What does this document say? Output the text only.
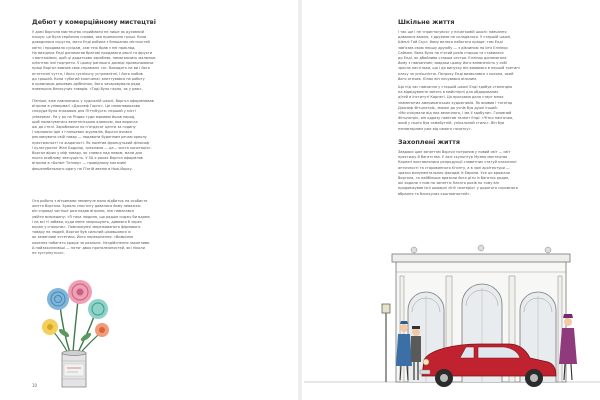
Дебют у комерційному мистецтві

У домі Воргола мистецтво сприймали не лише як духовний
пошук: це була серйозна справа, яка приносила гроші. Коли
доводилося скрутно, мати Енді робила з бляшаних місткостей
квіти і продавала сусідам, сам теж брав з неї приклад.
На вихідних Енді допомагав братові продавати овочі та фрукти
з вантажівки, щоб ці додатково заробляв, намагаючись малюнки
клієнтам їхні портрети. У цьому раннього досвіді призвичаюючи
праці Воргол вивчив своє справжнє «я». Виходить на ви і його
естетичні чуття, і його суспільну устремлінні, і його любов
до грошей. Коли «убогий хлопчина» впиттувався на роботу
в крамницю дешевих дрібничок, його зачаровували ряди
новеньких блискучих товарів. «Тоді було гарно, як у раю».

Пізніше, вже навчаючись у художній школі, Воргол оформлював
вітрини в універмагі «Джозеф Горнс». Це семиповерхова
споруда була знаковою для Піттсбурга: перший у місті
універмаг. Ри у рк на Різдво туди юрмами йшов народ,
щоб помилуватися велетенською ялинкою, яка виросла
аж до стелі. Заробляючи по п'ятдесят центи за годину
і черпаючи ідеї з глянцевих журналів, Воргол вчився
реклaмувати свій товар — надавати буденним речам ореолу
престижності та жаданості. Як помітив французький філософ
і культуролог Жан Бодріяр, «реклама — це… чиста конотація».
Воргол віриv у міф товару, як сливка над пивом, мали для
нього особливу значущість. У 50-х роках Воргол оформляв
вітрини в «Бонвіт Теллер» — провідному магазині
фешенебельного одягу на П'ятій авеню в Нью-Йорку.

Ота робота з вітринами неминуче мала відбиток на особисте
життя Воргола. Бувало спостигу давалося йому неважко:
він справді частіше розглядав вітрини, ніж намагався
увійти всередину: «Я така людина, що радше сиджу би вдома
і на всі ті забави, куди мене запрошують, дивився б через
екран у спальню». Помножуючі мережаваного фірмового
товару на людей, Воргол був сильний цікавшимся їх
як заманливі естетики. Його переконання: «Вимріяне
кохання набагато краще за реальне. Нездійснення захопливе.
А найзахопливіші — потяг двох протилежностей, які ніколи
не зустрінуться».

10
Шкільне життя

І так ще і не «пристосувся» у початковій школі: навчання
давалося важко, з друзями не складалося. У старшій школі,
Шенлі Гай Скул, йому велося набагато краще: там Енді
зав'язав свою першу дружбу — з дівчиною на ім'я Еллінор
Саймон. Вона була на п'ятий років старша та ставилася
до Енді, як дбайлива старша сестра. Еллінор допомагала
йому з навчанням; завдяки цьому його впевненість у собі
зросла настільки, що і до випуску він виявився в першій третині
класу за успішністю. Потроху Енді визволявся з кокона, який
його оточив. Юнак він почувався вільним.

Що під час навчання у старшій школі Енді здобув стипендію
на відвідування занять в майстерні для обдарованих
дітей в Інституті Карнегі. Ця програма дала старт юних
знаменитих американських художників. Як виявив і тогатор
Джозеф Фітцпатрік, зможе до учнів був дуже інший:
«Ми очікували від них величного, і ми її здобули». Головний
Фітцпатрік, він одразу помітив талант Енді: «Чітко пам'ятаю,
який у нього був самобутній, унікальний стиль». Він був
неповторним уже від самого початку».

Захоплені життя

Завдяки цим заняттям Воргол потрапив у новий світ — світ
престижу й багатства. У залі скульптур Музею мистецтва
Карнегі виставлялися репродукції славетних статуй класичної
античності та старовинного Єгипту, а в залі архітектури —
зразки монументальних фасадів із Європи. Усе це вражало
Воргола, та найбільше вразили його діти із багатих родин,
які ходили з ним на заняття: багато років по тому він
продовжував їхні шкварні лінії «матеріо» у дорогого скромного
вбрання та блискучих коштовностей».
